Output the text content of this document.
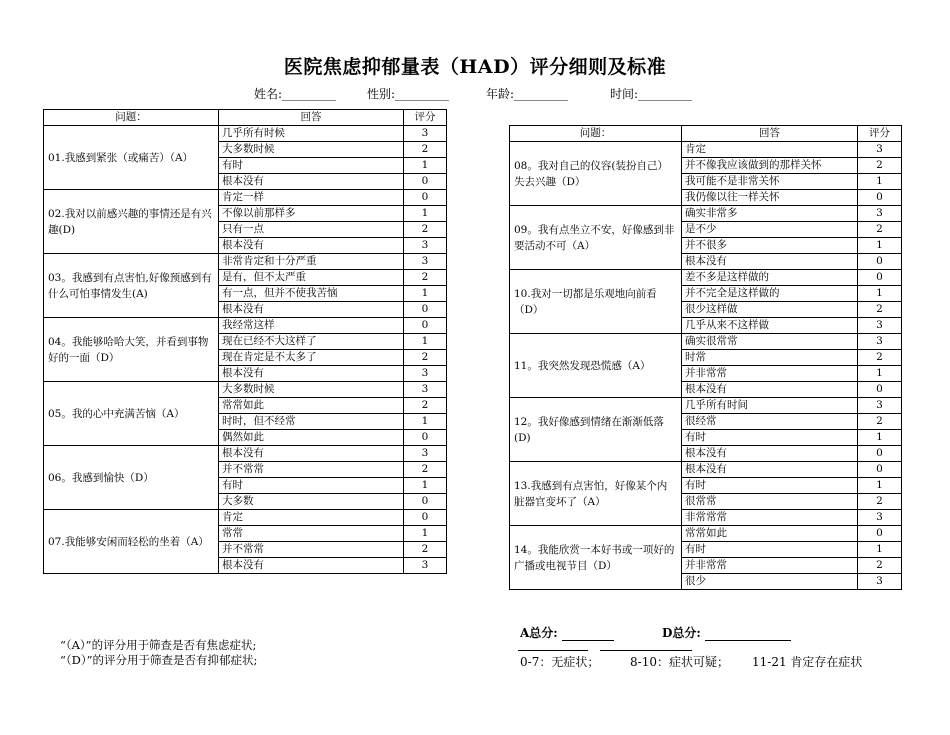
医院焦虑抑郁量表（HAD）评分细则及标准
姓名:_________	性别:_________	年龄:_________	时间:_________
问题：	回答	评分
01.我感到紧张（或痛苦）（A）	几乎所有时候	3
	大多数时候	2
	有时	1
	根本没有	0
02.我对以前感兴趣的事情还是有兴趣(D)	肯定一样	0
	不像以前那样多	1
	只有一点	2
	根本没有	3
03。我感到有点害怕,好像预感到有什么可怕事情发生(A)	非常肯定和十分严重	3
	是有，但不太严重	2
	有一点，但并不使我苦恼	1
	根本没有	0
04。我能够哈哈大笑，并看到事物好的一面（D）	我经常这样	0
	现在已经不大这样了	1
	现在肯定是不太多了	2
	根本没有	3
05。我的心中充满苦恼（A）	大多数时候	3
	常常如此	2
	时时，但不经常	1
	偶然如此	0
06。我感到愉快（D）	根本没有	3
	并不常常	2
	有时	1
	大多数	0
07.我能够安闲而轻松的坐着（A）	肯定	0
	常常	1
	并不常常	2
	根本没有	3
问题：	回答	评分
08。我对自己的仪容(装扮自己）失去兴趣（D）	肯定	3
	并不像我应该做到的那样关怀	2
	我可能不是非常关怀	1
	我仍像以往一样关怀	0
09。我有点坐立不安，好像感到非要活动不可（A）	确实非常多	3
	是不少	2
	并不很多	1
	根本没有	0
10.我对一切都是乐观地向前看（D）	差不多是这样做的	0
	并不完全是这样做的	1
	很少这样做	2
	几乎从来不这样做	3
11。我突然发现恐慌感（A）	确实很常常	3
	时常	2
	并非常常	1
	根本没有	0
12。我好像感到情绪在渐渐低落(D)	几乎所有时间	3
	很经常	2
	有时	1
	根本没有	0
13.我感到有点害怕，好像某个内脏器官变坏了（A）	根本没有	0
	有时	1
	很常常	2
	非常常常	3
14。我能欣赏一本好书或一项好的广播或电视节目（D）	常常如此	0
	有时	1
	并非常常	2
	很少	3
“（A）”的评分用于筛查是否有焦虑症状;
“（D）”的评分用于筛查是否有抑郁症状;
A总分:	D总分:
0-7：无症状；	8-10：症状可疑； 11-21 肯定存在症状
